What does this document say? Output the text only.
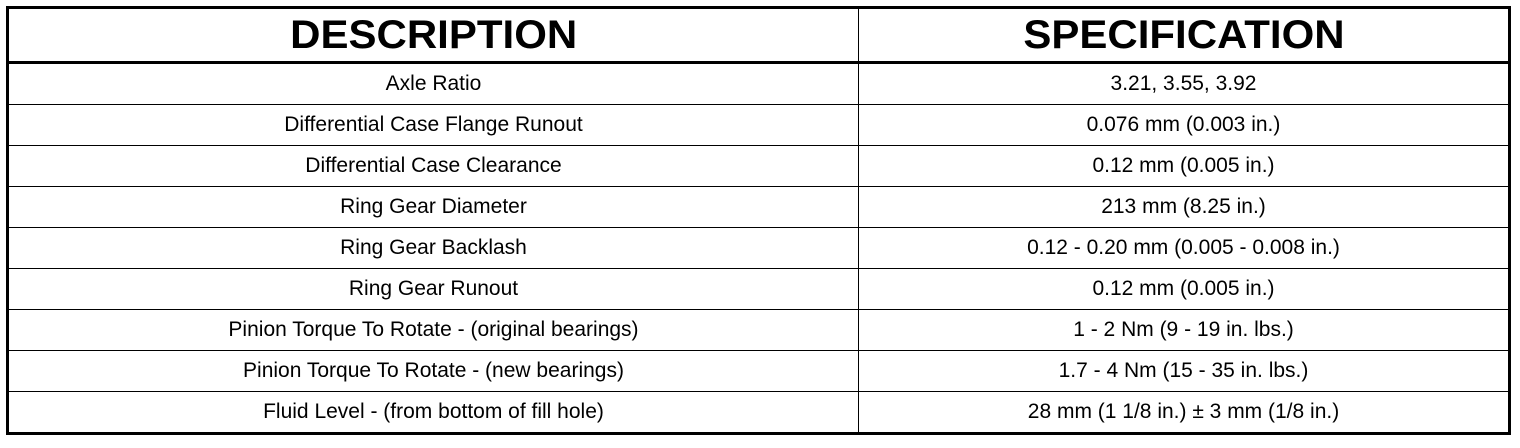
DESCRIPTION	SPECIFICATION
Axle Ratio	3.21, 3.55, 3.92
Differential Case Flange Runout	0.076 mm (0.003 in.)
Differential Case Clearance	0.12 mm (0.005 in.)
Ring Gear Diameter	213 mm (8.25 in.)
Ring Gear Backlash	0.12 - 0.20 mm (0.005 - 0.008 in.)
Ring Gear Runout	0.12 mm (0.005 in.)
Pinion Torque To Rotate - (original bearings)	1 - 2 Nm (9 - 19 in. lbs.)
Pinion Torque To Rotate - (new bearings)	1.7 - 4 Nm (15 - 35 in. lbs.)
Fluid Level - (from bottom of fill hole)	28 mm (1 1/8 in.) ± 3 mm (1/8 in.)
